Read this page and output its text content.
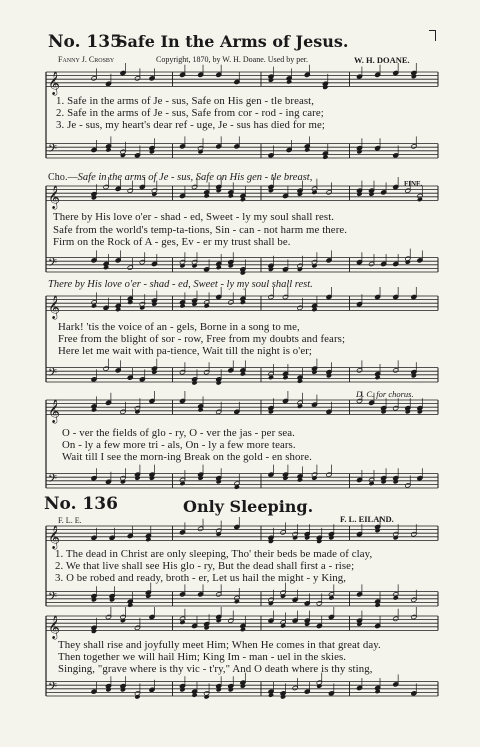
No. 135
Safe In the Arms of Jesus.
Fanny J. Crosby	Copyright, 1870, by W. H. Doane. Used by per.	W. H. DOANE.
𝄞
𝄢
1. Safe in the arms of Je - sus, Safe on His gen - tle breast,
2. Safe in the arms of Je - sus, Safe from cor - rod - ing care;
3. Je - sus, my heart's dear ref - uge, Je - sus has died for me;
Cho.—Safe in the arms of Je - sus, Safe on His gen - tle breast,
FINE.
𝄞
𝄢
There by His love o'er - shad - ed, Sweet - ly my soul shall rest.
Safe from the world's temp-ta-tions, Sin - can - not harm me there.
Firm on the Rock of A - ges, Ev - er my trust shall be.
There by His love o'er - shad - ed, Sweet - ly my soul shall rest.
𝄞
𝄢
Hark! 'tis the voice of an - gels, Borne in a song to me,
Free from the blight of sor - row, Free from my doubts and fears;
Here let me wait with pa-tience, Wait till the night is o'er;
D. C. for chorus.
𝄞
𝄢
O - ver the fields of glo - ry, O - ver the jas - per sea.
On - ly a few more tri - als, On - ly a few more tears.
Wait till I see the morn-ing Break on the gold - en shore.
No. 136	Only Sleeping.
F. L. E.	F. L. EILAND.
𝄞
𝄢
1. The dead in Christ are only sleeping, Tho' their beds be made of clay,
2. We that live shall see His glo - ry, But the dead shall first a - rise;
3. O be robed and ready, broth - er, Let us hail the might - y King,
𝄞
𝄢
They shall rise and joyfully meet Him; When He comes in that great day.
Then together we will hail Him; King Im - man - uel in the skies.
Singing, "grave where is thy vic - t'ry," And O death where is thy sting,
